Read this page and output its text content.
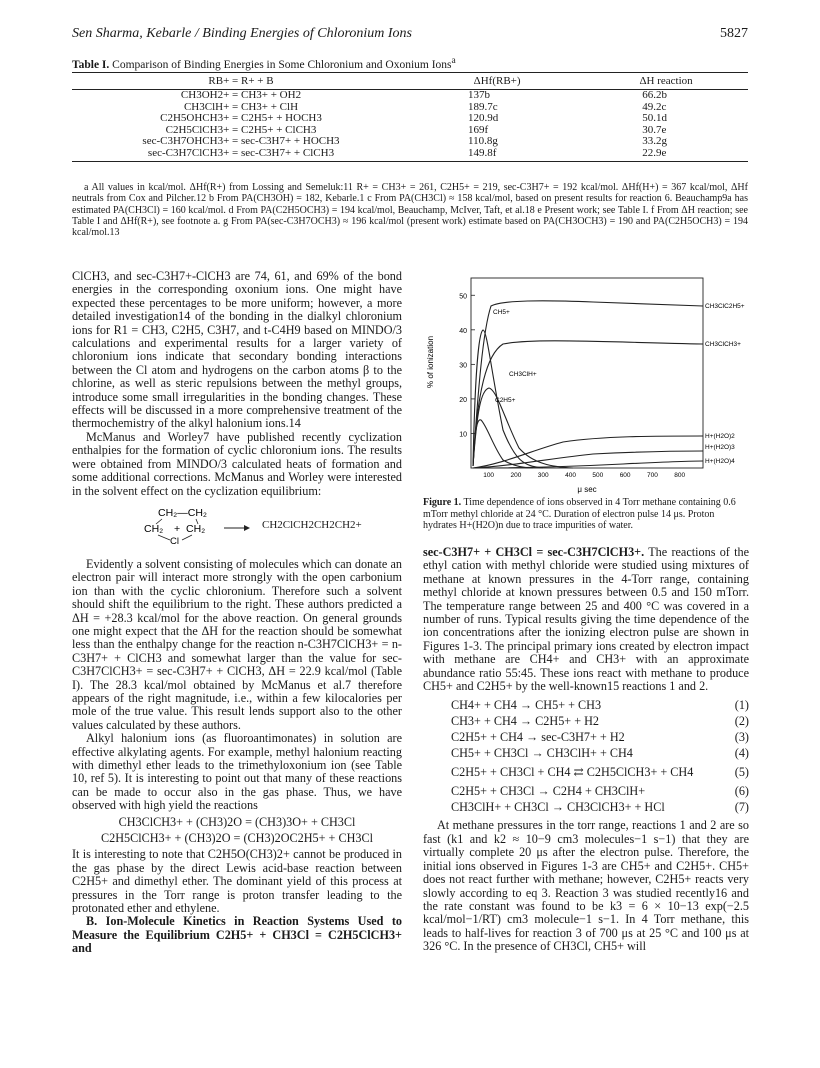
Sen Sharma, Kebarle / Binding Energies of Chloronium Ions	5827
Table I. Comparison of Binding Energies in Some Chloronium and Oxonium Ions$^a$
RB+ = R+ + B	ΔHf(RB+)	ΔH reaction
CH3OH2+ = CH3+ + OH2	137b	66.2b
CH3ClH+ = CH3+ + ClH	189.7c	49.2c
C2H5OHCH3+ = C2H5+ + HOCH3	120.9d	50.1d
C2H5ClCH3+ = C2H5+ + ClCH3	169f	30.7e
sec-C3H7OHCH3+ = sec-C3H7+ + HOCH3	110.8g	33.2g
sec-C3H7ClCH3+ = sec-C3H7+ + ClCH3	149.8f	22.9e
a All values in kcal/mol. ΔHf(R+) from Lossing and Semeluk:11 R+ = CH3+ = 261, C2H5+ = 219, sec-C3H7+ = 192 kcal/mol. ΔHf(H+) = 367 kcal/mol, ΔHf neutrals from Cox and Pilcher.12 b From PA(CH3OH) = 182, Kebarle.1 c From PA(CH3Cl) ≈ 158 kcal/mol, based on present results for reaction 6. Beauchamp9a has estimated PA(CH3Cl) = 160 kcal/mol. d From PA(C2H5OCH3) = 194 kcal/mol, Beauchamp, McIver, Taft, et al.18 e Present work; see Table I. f From ΔH reaction; see Table I and ΔHf(R+), see footnote a. g From PA(sec-C3H7OCH3) ≈ 196 kcal/mol (present work) estimate based on PA(CH3OCH3) = 190 and PA(C2H5OCH3) = 194 kcal/mol.13

ClCH3, and sec-C3H7+-ClCH3 are 74, 61, and 69% of the bond energies in the corresponding oxonium ions. One might have expected these percentages to be more uniform; however, a more detailed investigation14 of the bonding in the dialkyl chloronium ions for R1 = CH3, C2H5, C3H7, and t-C4H9 based on MINDO/3 calculations and experimental results for a larger variety of chloronium ions indicate that secondary bonding interactions between the Cl atom and hydrogens on the carbon atoms β to the chlorine, as well as steric repulsions between the methyl groups, introduce some small irregularities in the bonding changes. These effects will be discussed in a more comprehensive treatment of the thermochemistry of the alkyl halonium ions.14

McManus and Worley7 have published recently cyclization enthalpies for the formation of cyclic chloronium ions. The results were obtained from MINDO/3 calculated heats of formation and some additional corrections. McManus and Worley were interested in the solvent effect on the cyclization equilibrium:

CH₂—CH₂
CH₂ + CH₂
Cl
CH2ClCH2CH2CH2+

Evidently a solvent consisting of molecules which can donate an electron pair will interact more strongly with the open carbonium ion than with the cyclic chloronium. Therefore such a solvent should shift the equilibrium to the right. These authors predicted a ΔH = +28.3 kcal/mol for the above reaction. On general grounds one might expect that the ΔH for the reaction should be somewhat less than the enthalpy change for the reaction n-C3H7ClCH3+ = n-C3H7+ + ClCH3 and somewhat larger than the value for sec-C3H7ClCH3+ = sec-C3H7+ + ClCH3, ΔH = 22.9 kcal/mol (Table I). The 28.3 kcal/mol obtained by McManus et al.7 therefore appears of the right magnitude, i.e., within a few kilocalories per mole of the true value. This result lends support also to the other values calculated by these authors.

Alkyl halonium ions (as fluoroantimonates) in solution are effective alkylating agents. For example, methyl halonium reacting with dimethyl ether leads to the trimethyloxonium ion (see Table 10, ref 5). It is interesting to point out that many of these reactions can be made to occur also in the gas phase. Thus, we have observed with high yield the reactions

CH3ClCH3+ + (CH3)2O = (CH3)3O+ + CH3Cl
C2H5ClCH3+ + (CH3)2O = (CH3)2OC2H5+ + CH3Cl

It is interesting to note that C2H5O(CH3)2+ cannot be produced in the gas phase by the direct Lewis acid-base reaction between C2H5+ and dimethyl ether. The dominant yield of this process at pressures in the Torr range is proton transfer leading to the protonated ether and ethylene.

B. Ion-Molecule Kinetics in Reaction Systems Used to Measure the Equilibrium C2H5+ + CH3Cl = C2H5ClCH3+ and

% of ionization
50
40
30
20
10
100	200	300	400	500	600	700	800
μ sec
CH3ClC2H5+
CH5+
CH3ClCH3+
CH3ClH+
C2H5+
H+(H2O)2
H+(H2O)3
H+(H2O)4
Figure 1. Time dependence of ions observed in 4 Torr methane containing 0.6 mTorr methyl chloride at 24 °C. Duration of electron pulse 14 μs. Proton hydrates H+(H2O)n due to trace impurities of water.

sec-C3H7+ + CH3Cl = sec-C3H7ClCH3+. The reactions of the ethyl cation with methyl chloride were studied using mixtures of methane at known pressures in the 4-Torr range, containing methyl chloride at known pressures between 0.5 and 150 mTorr. The temperature range between 25 and 400 °C was covered in a number of runs. Typical results giving the time dependence of the ion concentrations after the ionizing electron pulse are shown in Figures 1-3. The principal primary ions created by electron impact with methane are CH4+ and CH3+ with an approximate abundance ratio 55:45. These ions react with methane to produce CH5+ and C2H5+ by the well-known15 reactions 1 and 2.

CH4+ + CH4 → CH5+ + CH3	(1)
CH3+ + CH4 → C2H5+ + H2	(2)
C2H5+ + CH4 → sec-C3H7+ + H2	(3)
CH5+ + CH3Cl → CH3ClH+ + CH4	(4)
C2H5+ + CH3Cl + CH4 ⇄ C2H5ClCH3+ + CH4	(5)
C2H5+ + CH3Cl → C2H4 + CH3ClH+	(6)
CH3ClH+ + CH3Cl → CH3ClCH3+ + HCl	(7)

At methane pressures in the torr range, reactions 1 and 2 are so fast (k1 and k2 ≈ 10−9 cm3 molecules−1 s−1) that they are virtually complete 20 μs after the electron pulse. Therefore, the initial ions observed in Figures 1-3 are CH5+ and C2H5+. CH5+ does not react further with methane; however, C2H5+ reacts very slowly according to eq 3. Reaction 3 was studied recently16 and the rate constant was found to be k3 = 6 × 10−13 exp(−2.5 kcal/mol−1/RT) cm3 molecule−1 s−1. In 4 Torr methane, this leads to half-lives for reaction 3 of 700 μs at 25 °C and 100 μs at 326 °C. In the presence of CH3Cl, CH5+ will
